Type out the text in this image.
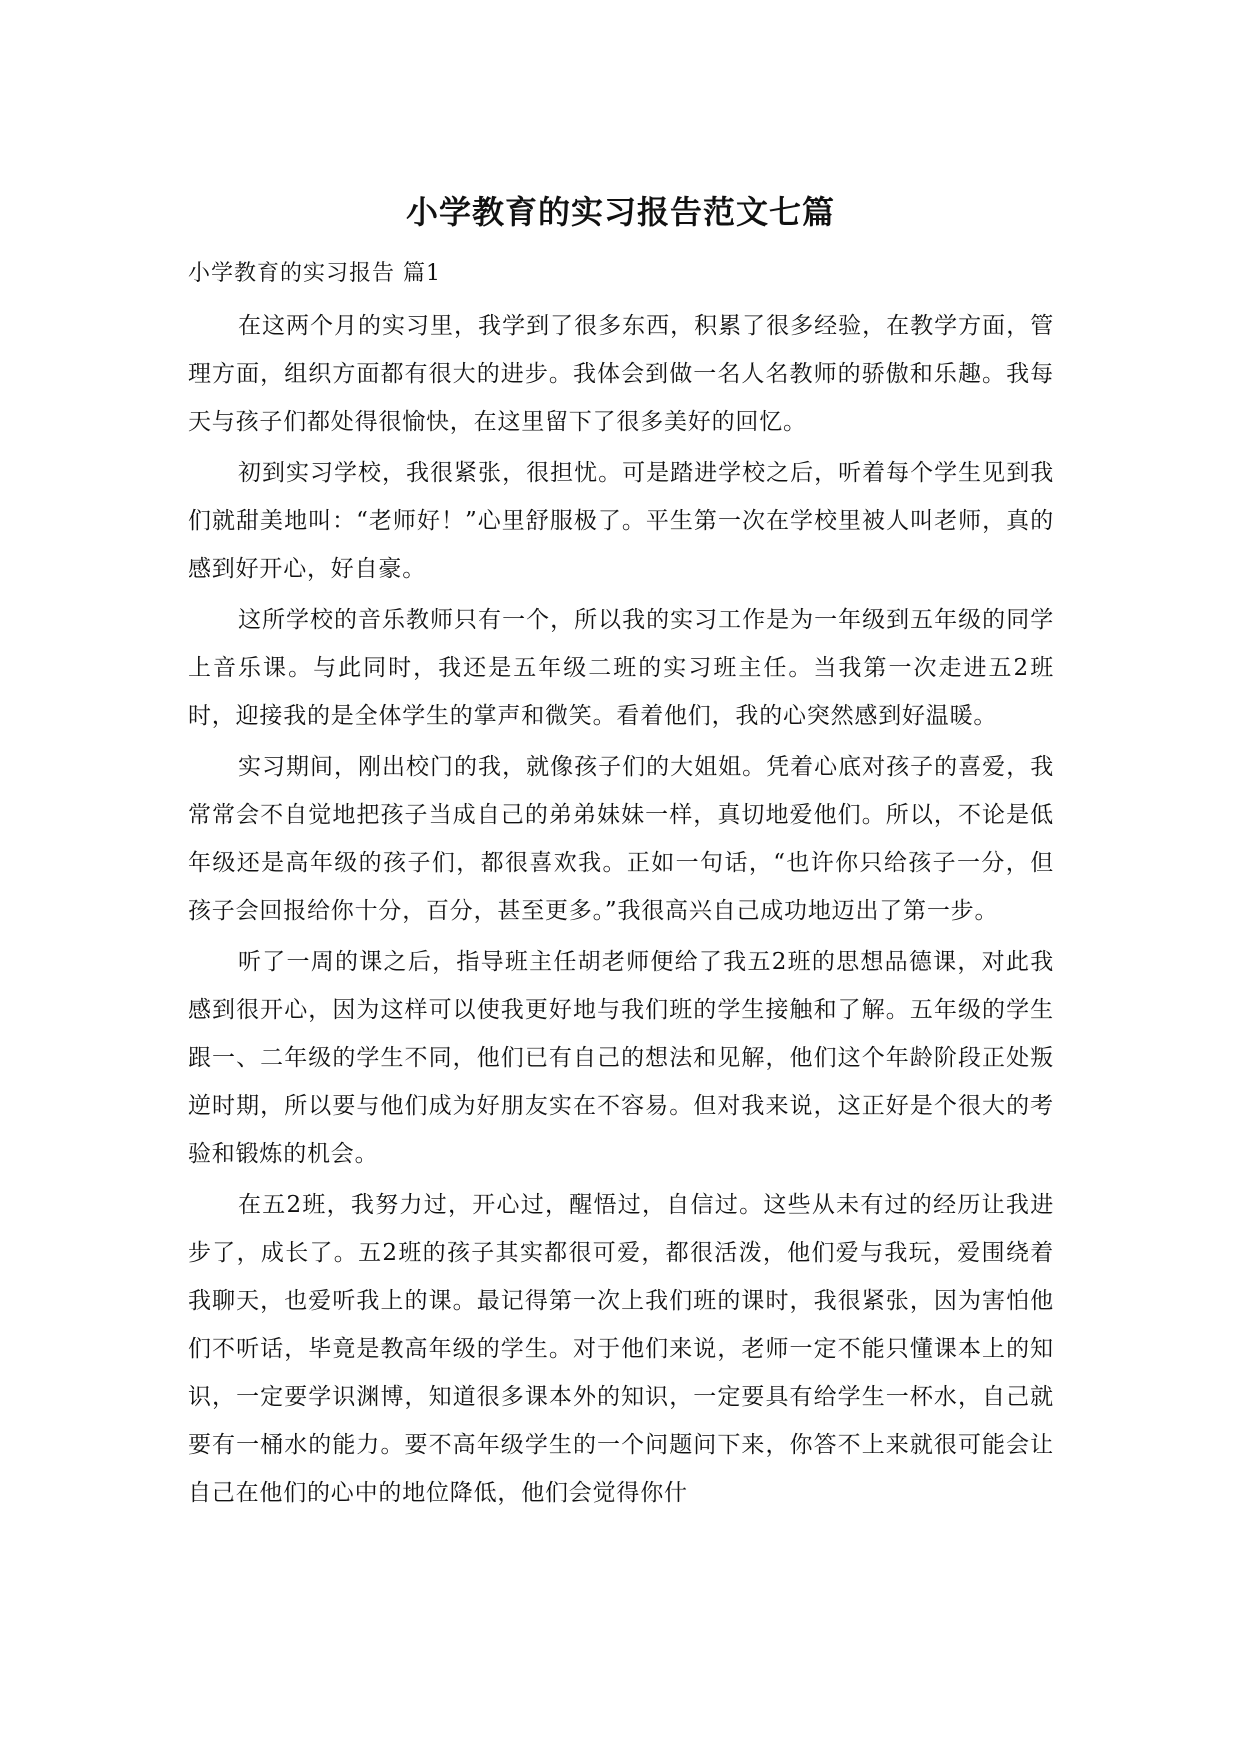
小学教育的实习报告范文七篇
小学教育的实习报告 篇1

在这两个月的实习里，我学到了很多东西，积累了很多经验，在教学方面，管理方面，组织方面都有很大的进步。我体会到做一名人名教师的骄傲和乐趣。我每天与孩子们都处得很愉快，在这里留下了很多美好的回忆。

初到实习学校，我很紧张，很担忧。可是踏进学校之后，听着每个学生见到我们就甜美地叫：“老师好！”心里舒服极了。平生第一次在学校里被人叫老师，真的感到好开心，好自豪。

这所学校的音乐教师只有一个，所以我的实习工作是为一年级到五年级的同学上音乐课。与此同时，我还是五年级二班的实习班主任。当我第一次走进五2班时，迎接我的是全体学生的掌声和微笑。看着他们，我的心突然感到好温暖。

实习期间，刚出校门的我，就像孩子们的大姐姐。凭着心底对孩子的喜爱，我常常会不自觉地把孩子当成自己的弟弟妹妹一样，真切地爱他们。所以，不论是低年级还是高年级的孩子们，都很喜欢我。正如一句话，“也许你只给孩子一分，但孩子会回报给你十分，百分，甚至更多。”我很高兴自己成功地迈出了第一步。

听了一周的课之后，指导班主任胡老师便给了我五2班的思想品德课，对此我感到很开心，因为这样可以使我更好地与我们班的学生接触和了解。五年级的学生跟一、二年级的学生不同，他们已有自己的想法和见解，他们这个年龄阶段正处叛逆时期，所以要与他们成为好朋友实在不容易。但对我来说，这正好是个很大的考验和锻炼的机会。

在五2班，我努力过，开心过，醒悟过，自信过。这些从未有过的经历让我进步了，成长了。五2班的孩子其实都很可爱，都很活泼，他们爱与我玩，爱围绕着我聊天，也爱听我上的课。最记得第一次上我们班的课时，我很紧张，因为害怕他们不听话，毕竟是教高年级的学生。对于他们来说，老师一定不能只懂课本上的知识，一定要学识渊博，知道很多课本外的知识，一定要具有给学生一杯水，自己就要有一桶水的能力。要不高年级学生的一个问题问下来，你答不上来就很可能会让自己在他们的心中的地位降低，他们会觉得你什
